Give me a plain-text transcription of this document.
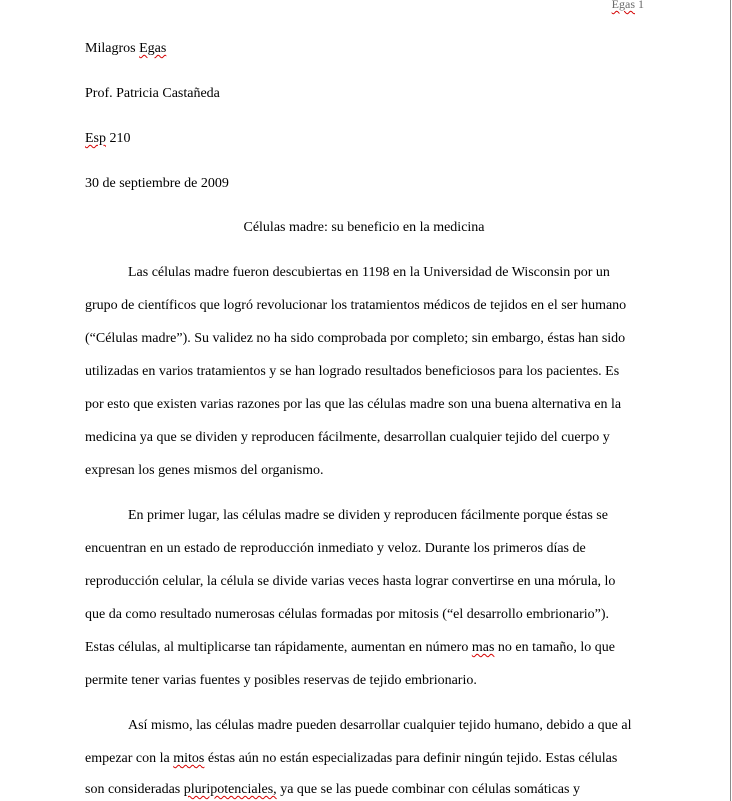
Egas 1
Milagros Egas
Prof. Patricia Castañeda
Esp 210
30 de septiembre de 2009
Células madre: su beneficio en la medicina
Las células madre fueron descubiertas en 1198 en la Universidad de Wisconsin por un
grupo de científicos que logró revolucionar los tratamientos médicos de tejidos en el ser humano
(“Células madre”). Su validez no ha sido comprobada por completo; sin embargo, éstas han sido
utilizadas en varios tratamientos y se han logrado resultados beneficiosos para los pacientes. Es
por esto que existen varias razones por las que las células madre son una buena alternativa en la
medicina ya que se dividen y reproducen fácilmente, desarrollan cualquier tejido del cuerpo y
expresan los genes mismos del organismo.
En primer lugar, las células madre se dividen y reproducen fácilmente porque éstas se
encuentran en un estado de reproducción inmediato y veloz. Durante los primeros días de
reproducción celular, la célula se divide varias veces hasta lograr convertirse en una mórula, lo
que da como resultado numerosas células formadas por mitosis (“el desarrollo embrionario”).
Estas células, al multiplicarse tan rápidamente, aumentan en número mas no en tamaño, lo que
permite tener varias fuentes y posibles reservas de tejido embrionario.
Así mismo, las células madre pueden desarrollar cualquier tejido humano, debido a que al
empezar con la mitos éstas aún no están especializadas para definir ningún tejido. Estas células
son consideradas pluripotenciales, ya que se las puede combinar con células somáticas y
